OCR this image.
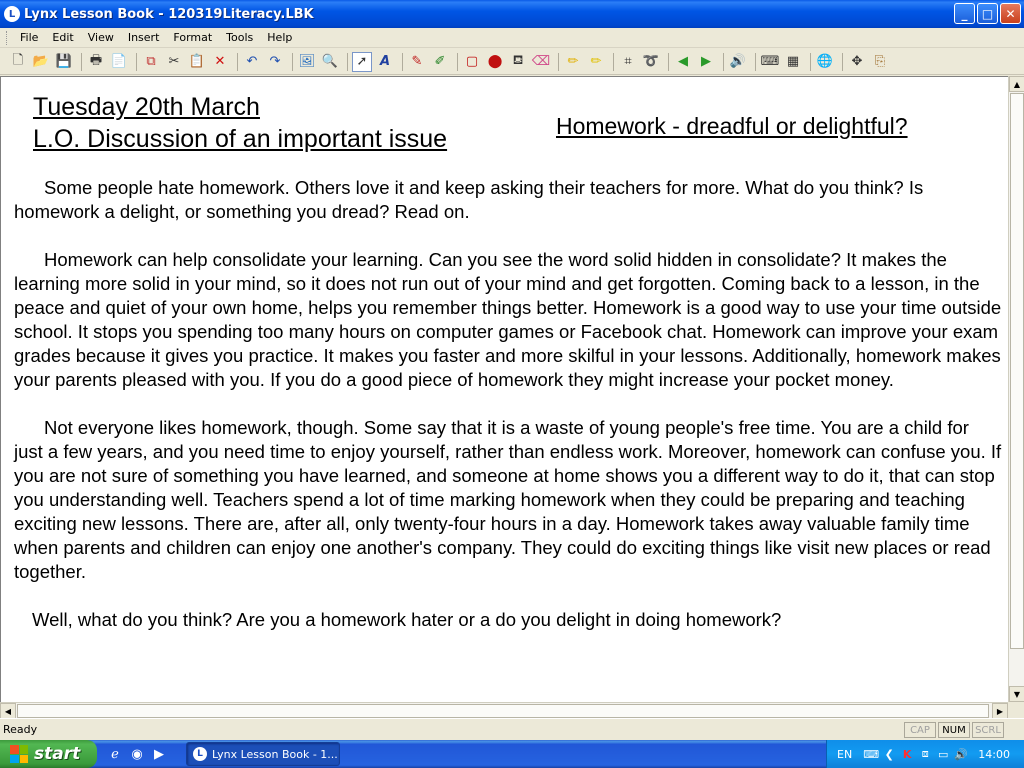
L Lynx Lesson Book - 120319Literacy.LBK	_	□	✕
File	Edit	View	Insert	Format	Tools	Help
🗋 📂 💾 🖶 📄	⧉ ✂ 📋 ✕	↶ ↷	🖼 🔍	➚ A	✎ ✐	▢ ⬤ ⛾ ⌫	✏ ✏	⌗ ➰	◀	▶	🔊 ⌨ ▦ 🌐	✥ ⎘
Tuesday 20th March
L.O. Discussion of an important issue	Homework - dreadful or delightful?

Some people hate homework. Others love it and keep asking their teachers for more. What do you think? Is homework a delight, or something you dread? Read on.

Homework can help consolidate your learning. Can you see the word solid hidden in consolidate? It makes the learning more solid in your mind, so it does not run out of your mind and get forgotten. Coming back to a lesson, in the peace and quiet of your own home, helps you remember things better. Homework is a good way to use your time outside school. It stops you spending too many hours on computer games or Facebook chat. Homework can improve your exam grades because it gives you practice. It makes you faster and more skilful in your lessons. Additionally, homework makes your parents pleased with you. If you do a good piece of homework they might increase your pocket money.

Not everyone likes homework, though. Some say that it is a waste of young people's free time. You are a child for just a few years, and you need time to enjoy yourself, rather than endless work. Moreover, homework can confuse you. If you are not sure of something you have learned, and someone at home shows you a different way to do it, that can stop you understanding well. Teachers spend a lot of time marking homework when they could be preparing and teaching exciting new lessons. There are, after all, only twenty-four hours in a day. Homework takes away valuable family time when parents and children can enjoy one another's company. They could do exciting things like visit new places or read together.

Well, what do you think? Are you a homework hater or a do you delight in doing homework?

▲
▼
◀	▶
Ready	CAP	NUM SCRL
start	ℯ ◉ ▶	L Lynx Lesson Book - 1...	EN ⌨ ❮ K ⧈ ▭ 🔊 14:00
